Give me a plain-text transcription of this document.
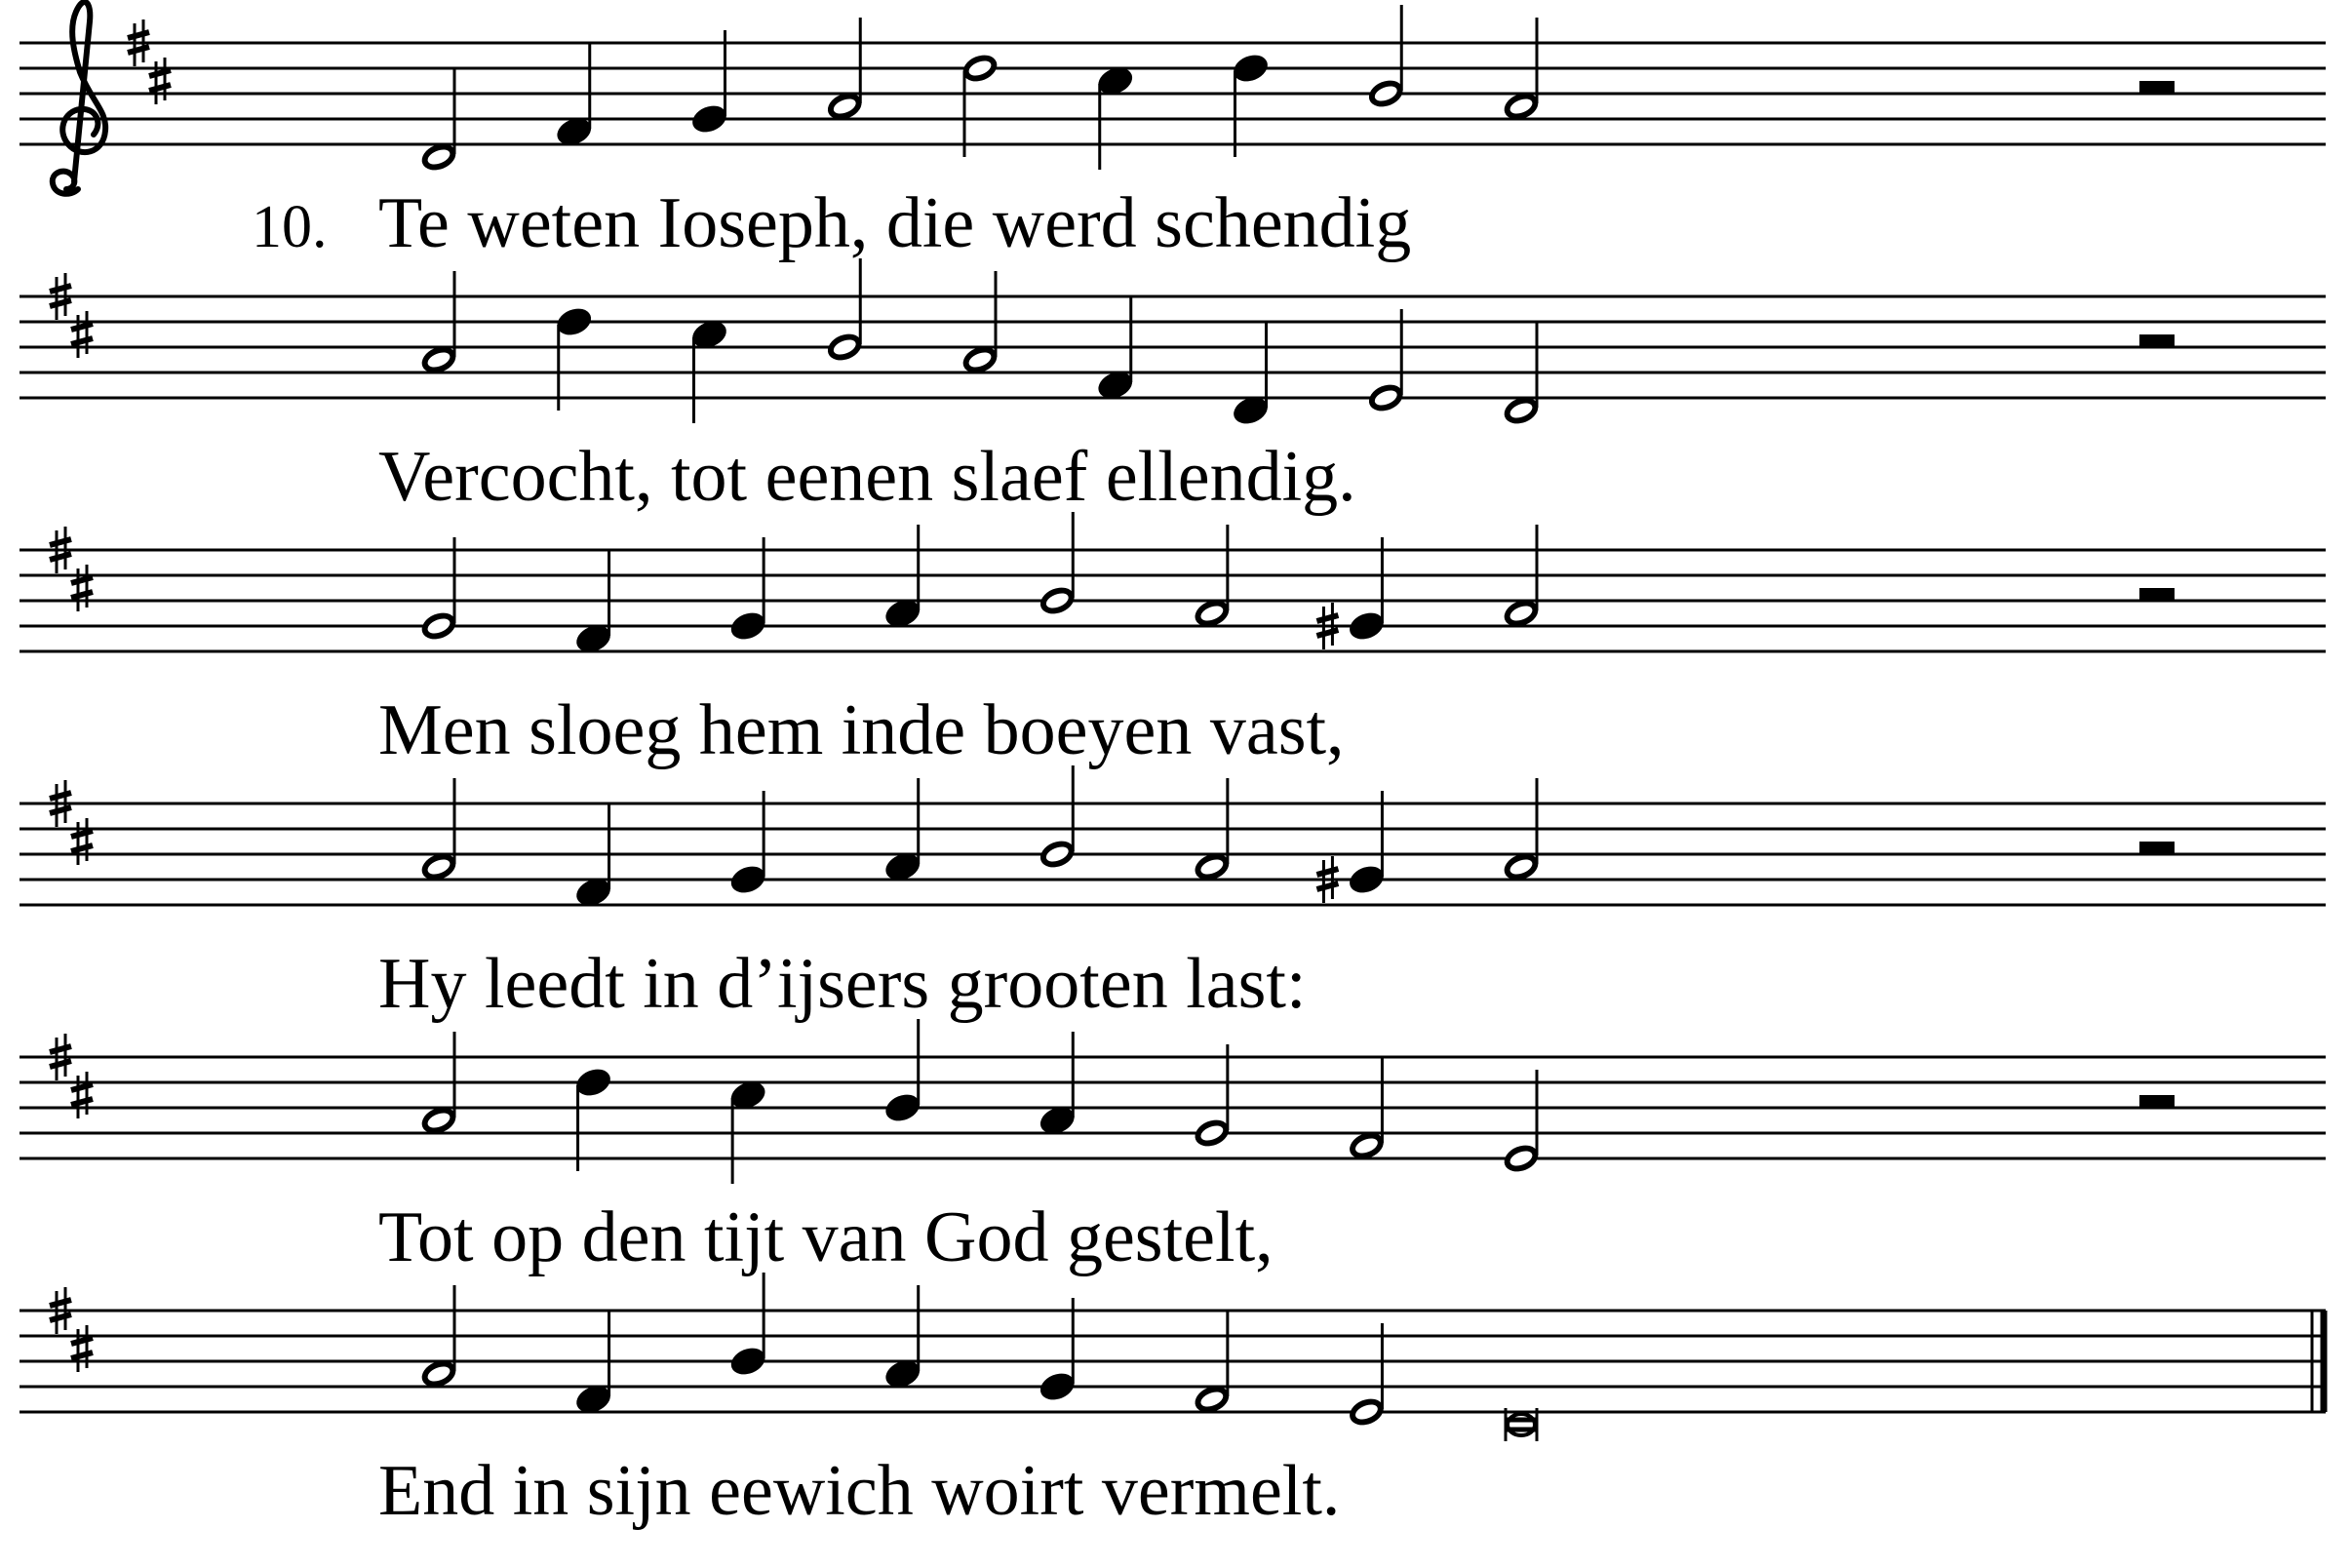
10. Te weten Ioseph, die werd schendig
Vercocht, tot eenen slaef ellendig.
Men sloeg hem inde boeyen vast,
Hy leedt in d’ijsers grooten last:
Tot op den tijt van God gestelt,
End in sijn eewich woirt vermelt.
